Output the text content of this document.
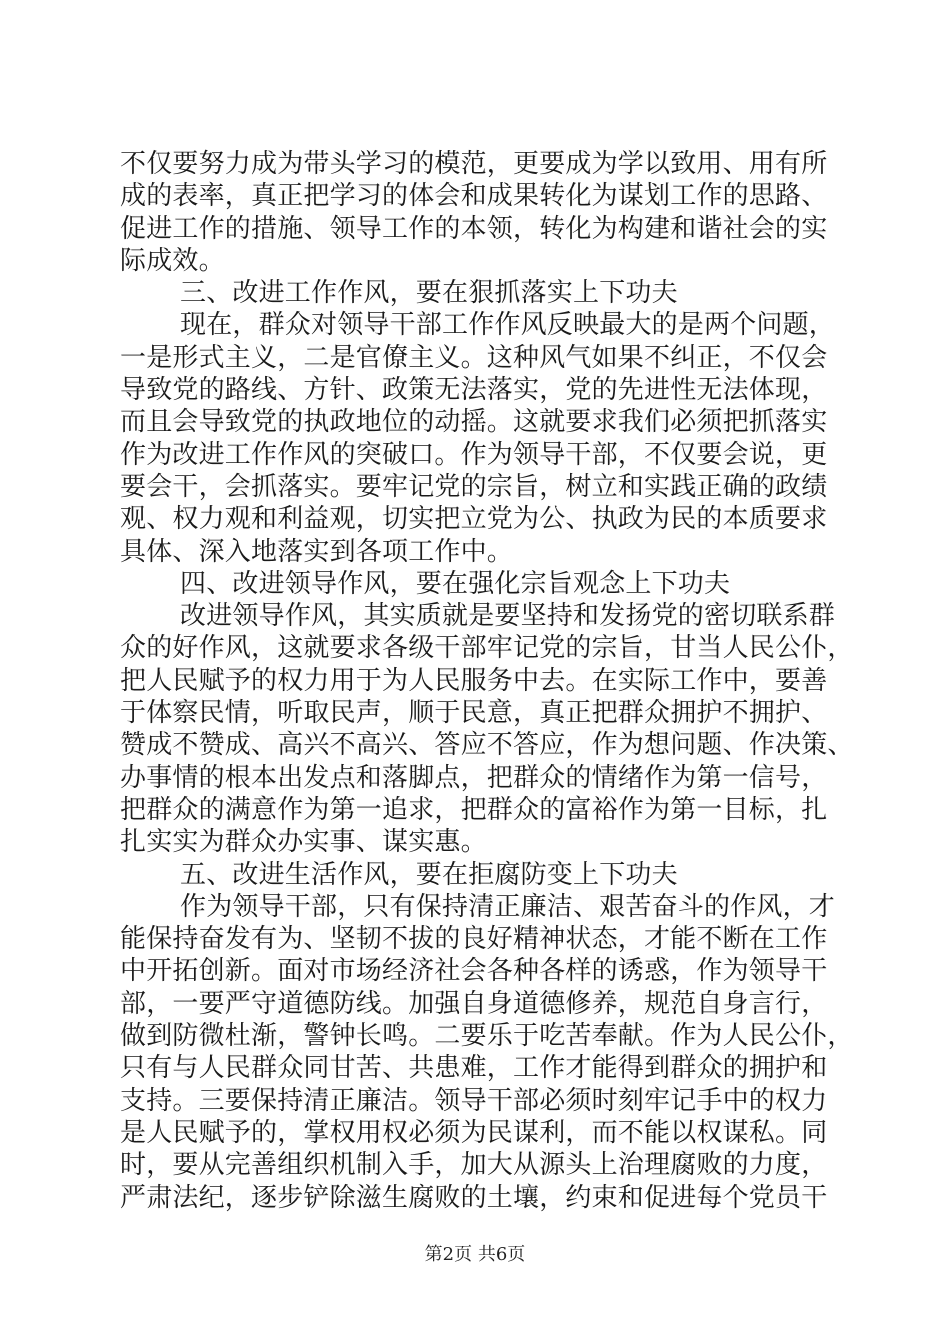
不仅要努力成为带头学习的模范，更要成为学以致用、用有所
成的表率，真正把学习的体会和成果转化为谋划工作的思路、
促进工作的措施、领导工作的本领，转化为构建和谐社会的实
际成效。
三、改进工作作风，要在狠抓落实上下功夫
现在，群众对领导干部工作作风反映最大的是两个问题，
一是形式主义，二是官僚主义。这种风气如果不纠正，不仅会
导致党的路线、方针、政策无法落实，党的先进性无法体现，
而且会导致党的执政地位的动摇。这就要求我们必须把抓落实
作为改进工作作风的突破口。作为领导干部，不仅要会说，更
要会干，会抓落实。要牢记党的宗旨，树立和实践正确的政绩
观、权力观和利益观，切实把立党为公、执政为民的本质要求
具体、深入地落实到各项工作中。
四、改进领导作风，要在强化宗旨观念上下功夫
改进领导作风，其实质就是要坚持和发扬党的密切联系群
众的好作风，这就要求各级干部牢记党的宗旨，甘当人民公仆，
把人民赋予的权力用于为人民服务中去。在实际工作中，要善
于体察民情，听取民声，顺于民意，真正把群众拥护不拥护、
赞成不赞成、高兴不高兴、答应不答应，作为想问题、作决策、
办事情的根本出发点和落脚点，把群众的情绪作为第一信号，
把群众的满意作为第一追求，把群众的富裕作为第一目标，扎
扎实实为群众办实事、谋实惠。
五、改进生活作风，要在拒腐防变上下功夫
作为领导干部，只有保持清正廉洁、艰苦奋斗的作风，才
能保持奋发有为、坚韧不拔的良好精神状态，才能不断在工作
中开拓创新。面对市场经济社会各种各样的诱惑，作为领导干
部，一要严守道德防线。加强自身道德修养，规范自身言行，
做到防微杜渐，警钟长鸣。二要乐于吃苦奉献。作为人民公仆，
只有与人民群众同甘苦、共患难，工作才能得到群众的拥护和
支持。三要保持清正廉洁。领导干部必须时刻牢记手中的权力
是人民赋予的，掌权用权必须为民谋利，而不能以权谋私。同
时，要从完善组织机制入手，加大从源头上治理腐败的力度，
严肃法纪，逐步铲除滋生腐败的土壤，约束和促进每个党员干
第2页 共6页
